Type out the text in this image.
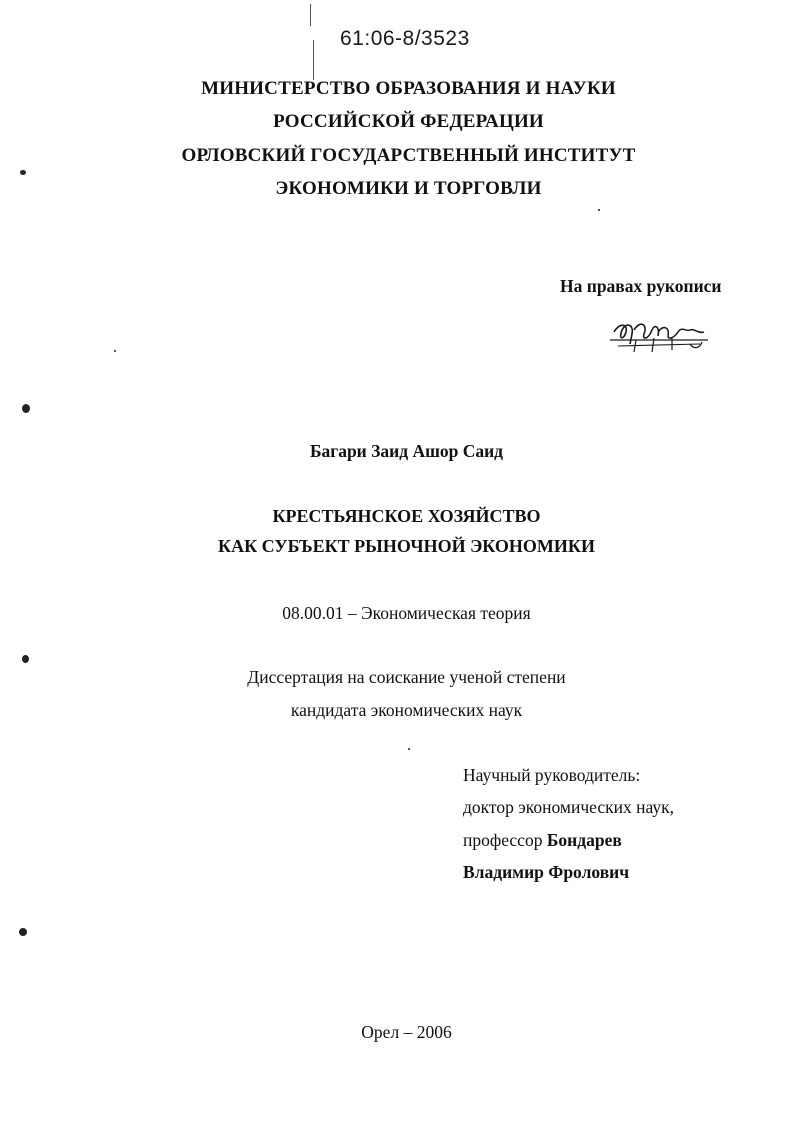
61:06-8/3523
МИНИСТЕРСТВО ОБРАЗОВАНИЯ И НАУКИ
РОССИЙСКОЙ ФЕДЕРАЦИИ
ОРЛОВСКИЙ ГОСУДАРСТВЕННЫЙ ИНСТИТУТ
ЭКОНОМИКИ И ТОРГОВЛИ
На правах рукописи
Багари Заид Ашор Саид
КРЕСТЬЯНСКОЕ ХОЗЯЙСТВО
КАК СУБЪЕКТ РЫНОЧНОЙ ЭКОНОМИКИ
08.00.01 – Экономическая теория
Диссертация на соискание ученой степени
кандидата экономических наук
Научный руководитель:
доктор экономических наук,
профессор Бондарев
Владимир Фролович
Орел – 2006
